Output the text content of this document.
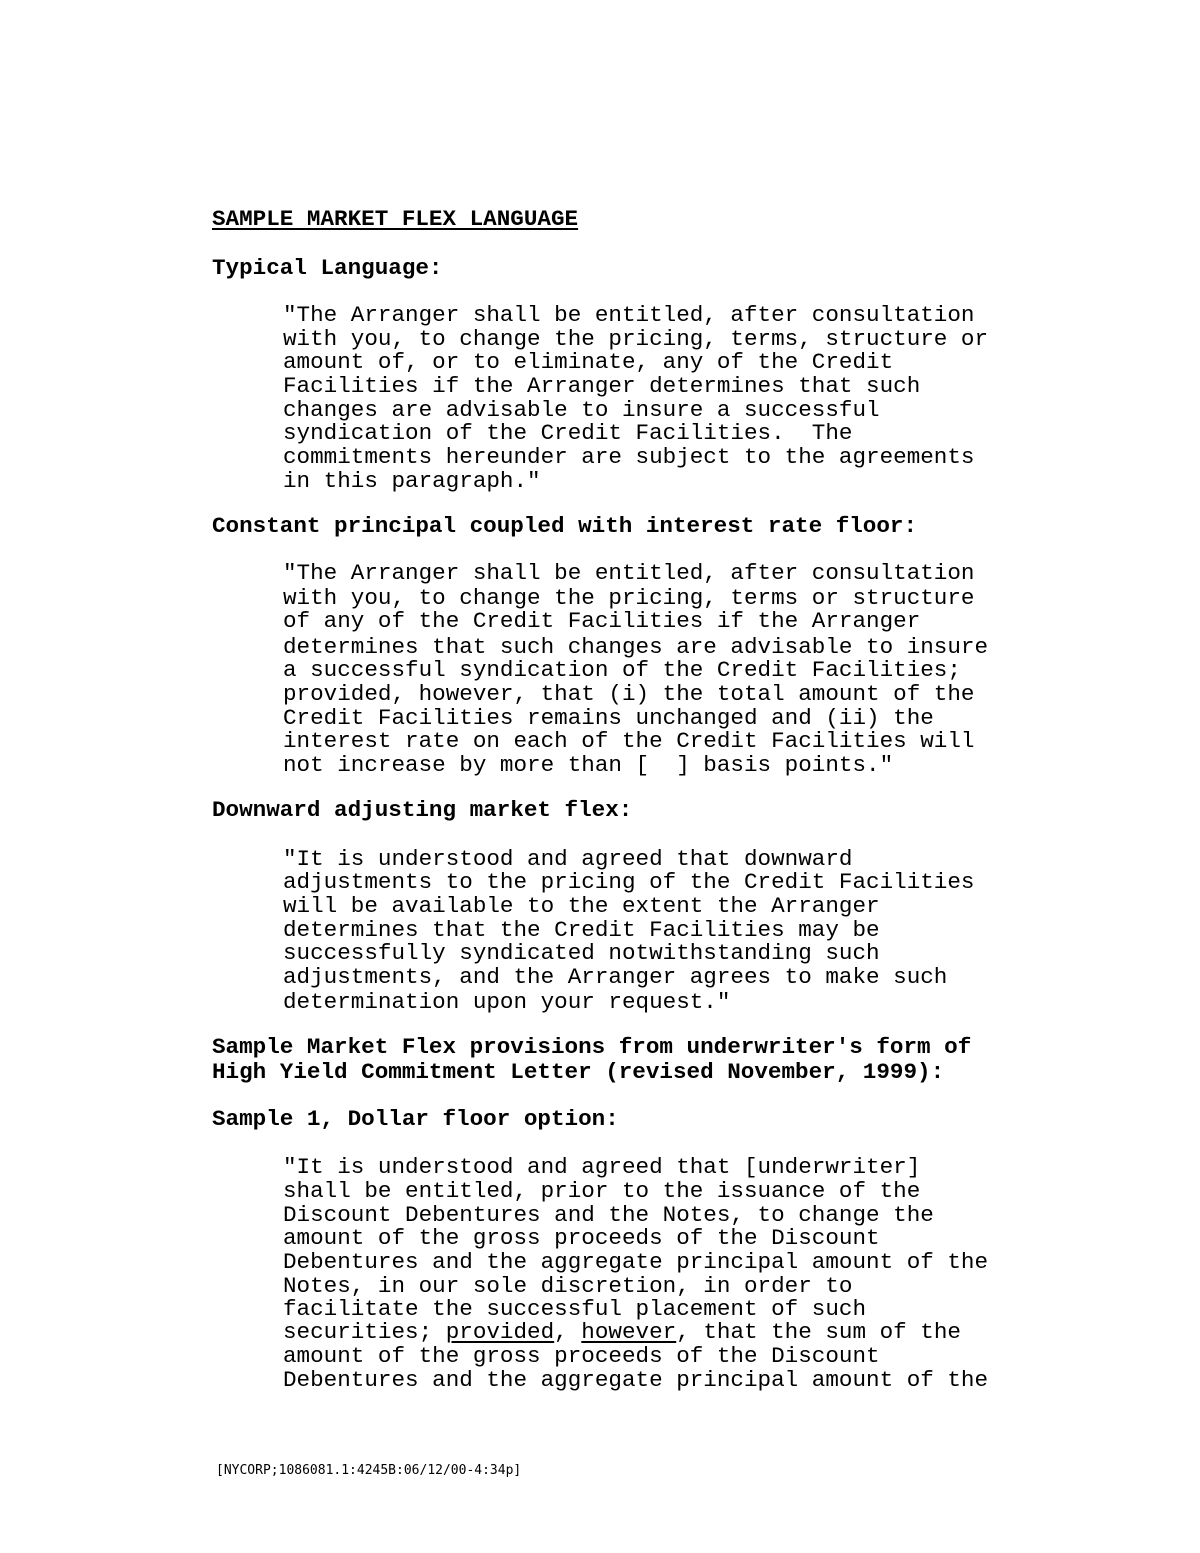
SAMPLE MARKET FLEX LANGUAGE
Typical Language:
"The Arranger shall be entitled, after consultation
with you, to change the pricing, terms, structure or
amount of, or to eliminate, any of the Credit
Facilities if the Arranger determines that such
changes are advisable to insure a successful
syndication of the Credit Facilities.  The
commitments hereunder are subject to the agreements
in this paragraph."
Constant principal coupled with interest rate floor:
"The Arranger shall be entitled, after consultation
with you, to change the pricing, terms or structure
of any of the Credit Facilities if the Arranger
determines that such changes are advisable to insure
a successful syndication of the Credit Facilities;
provided, however, that (i) the total amount of the
Credit Facilities remains unchanged and (ii) the
interest rate on each of the Credit Facilities will
not increase by more than [  ] basis points."
Downward adjusting market flex:
"It is understood and agreed that downward
adjustments to the pricing of the Credit Facilities
will be available to the extent the Arranger
determines that the Credit Facilities may be
successfully syndicated notwithstanding such
adjustments, and the Arranger agrees to make such
determination upon your request."
Sample Market Flex provisions from underwriter's form of
High Yield Commitment Letter (revised November, 1999):
Sample 1, Dollar floor option:
"It is understood and agreed that [underwriter]
shall be entitled, prior to the issuance of the
Discount Debentures and the Notes, to change the
amount of the gross proceeds of the Discount
Debentures and the aggregate principal amount of the
Notes, in our sole discretion, in order to
facilitate the successful placement of such
securities; provided, however, that the sum of the
amount of the gross proceeds of the Discount
Debentures and the aggregate principal amount of the
[NYCORP;1086081.1:4245B:06/12/00-4:34p]
